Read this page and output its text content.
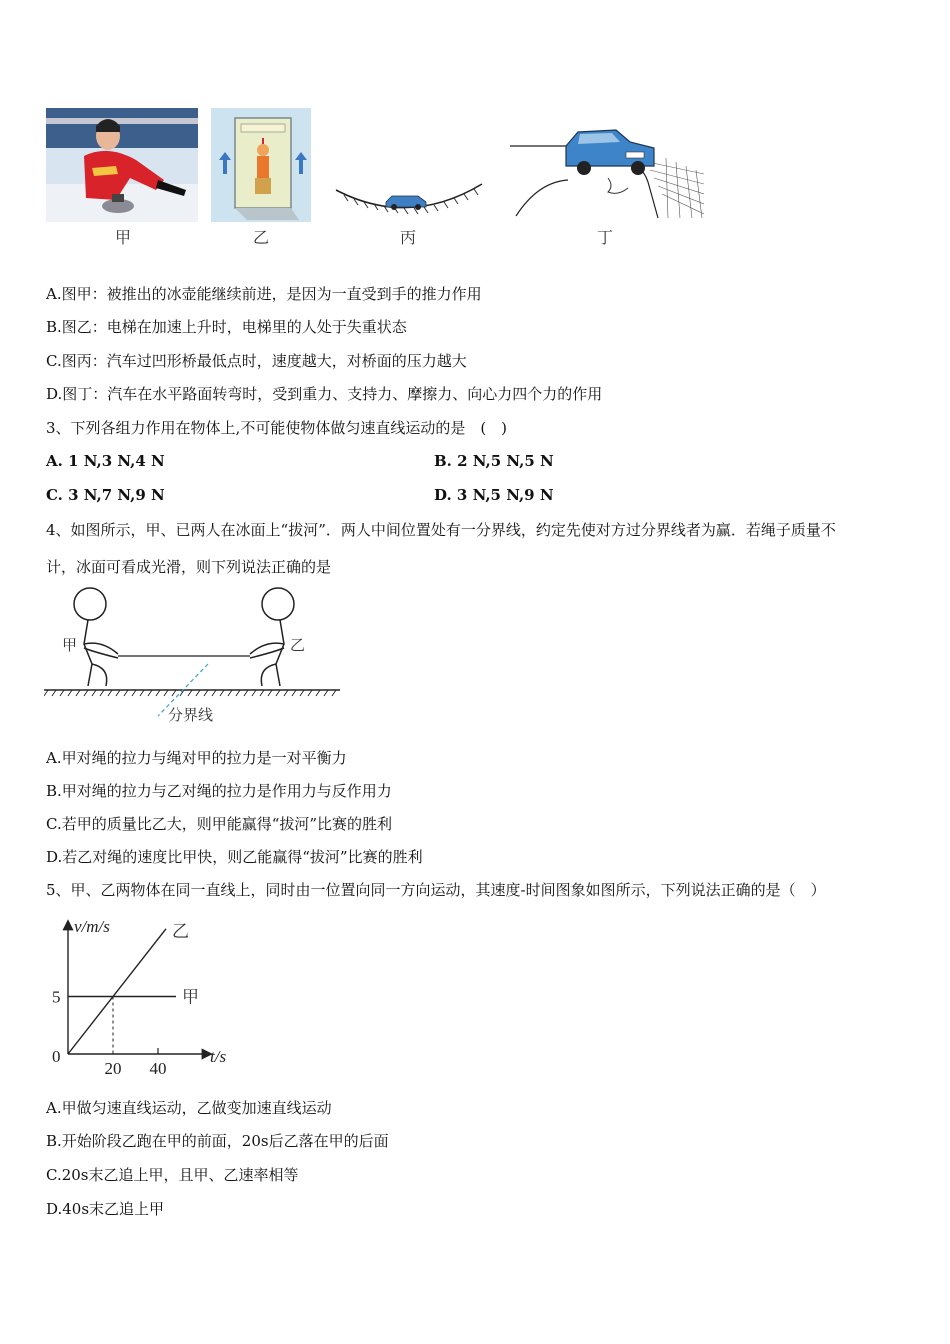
甲	乙	丙	丁
A.图甲：被推出的冰壶能继续前进，是因为一直受到手的推力作用
B.图乙：电梯在加速上升时，电梯里的人处于失重状态
C.图丙：汽车过凹形桥最低点时，速度越大，对桥面的压力越大
D.图丁：汽车在水平路面转弯时，受到重力、支持力、摩擦力、向心力四个力的作用
3、下列各组力作用在物体上,不可能使物体做匀速直线运动的是　(　)
A. 1 N,3 N,4 N	B. 2 N,5 N,5 N
C. 3 N,7 N,9 N	D. 3 N,5 N,9 N
4、如图所示，甲、已两人在冰面上“拔河”．两人中间位置处有一分界线，约定先使对方过分界线者为赢．若绳子质量不
计，冰面可看成光滑，则下列说法正确的是
甲	乙
分界线
A.甲对绳的拉力与绳对甲的拉力是一对平衡力
B.甲对绳的拉力与乙对绳的拉力是作用力与反作用力
C.若甲的质量比乙大，则甲能赢得“拔河”比赛的胜利
D.若乙对绳的速度比甲快，则乙能赢得“拔河”比赛的胜利
5、甲、乙两物体在同一直线上，同时由一位置向同一方向运动，其速度-时间图象如图所示，下列说法正确的是（　）
v/m/s
t/s
0
5
20 40
甲
乙
A.甲做匀速直线运动，乙做变加速直线运动
B.开始阶段乙跑在甲的前面，20s后乙落在甲的后面
C.20s末乙追上甲，且甲、乙速率相等
D.40s末乙追上甲
